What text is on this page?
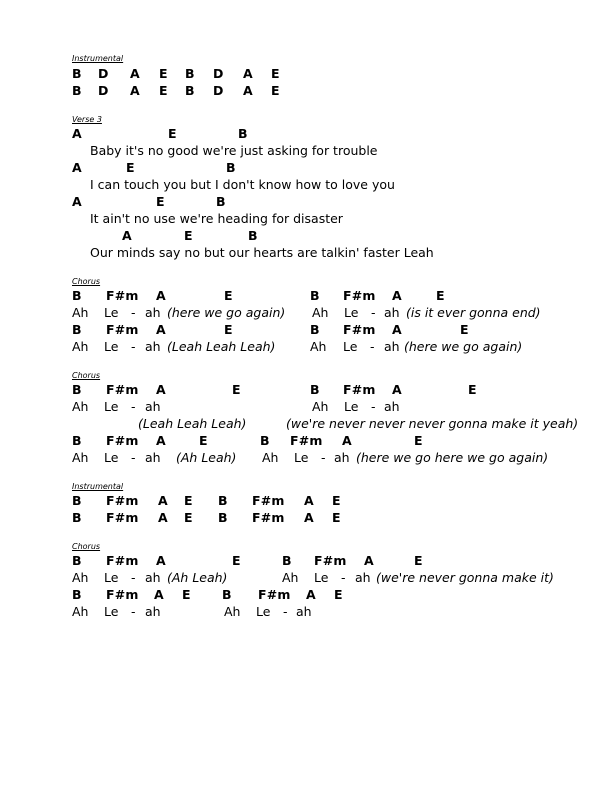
Instrumental
B D A E B D A E
B D A E B D A E
Verse 3
A	E	B
Baby it's no good we're just asking for trouble
A	E	B
I can touch you but I don't know how to love you
A	E	B
It ain't no use we're heading for disaster
A	E	B
Our minds say no but our hearts are talkin' faster Leah
Chorus
B F#m A	E	B F#m A	E
Ah Le - ah (here we go again) Ah Le - ah (is it ever gonna end)
B F#m A	E	B F#m A	E
Ah Le - ah (Leah Leah Leah)	Ah Le - ah (here we go again)
Chorus
B F#m A	E	B F#m A	E
Ah Le - ah	Ah Le - ah
(Leah Leah Leah)	(we're never never never gonna make it yeah)
B F#m A	E	B F#m A	E
Ah Le - ah (Ah Leah) Ah Le - ah (here we go here we go again)
Instrumental
B F#m A E B F#m A E
B F#m A E B F#m A E
Chorus
B F#m A	E	B F#m A	E
Ah Le - ah (Ah Leah)	Ah Le - ah (we're never gonna make it)
B F#m A E	B F#m A E
Ah Le - ah	Ah Le - ah
